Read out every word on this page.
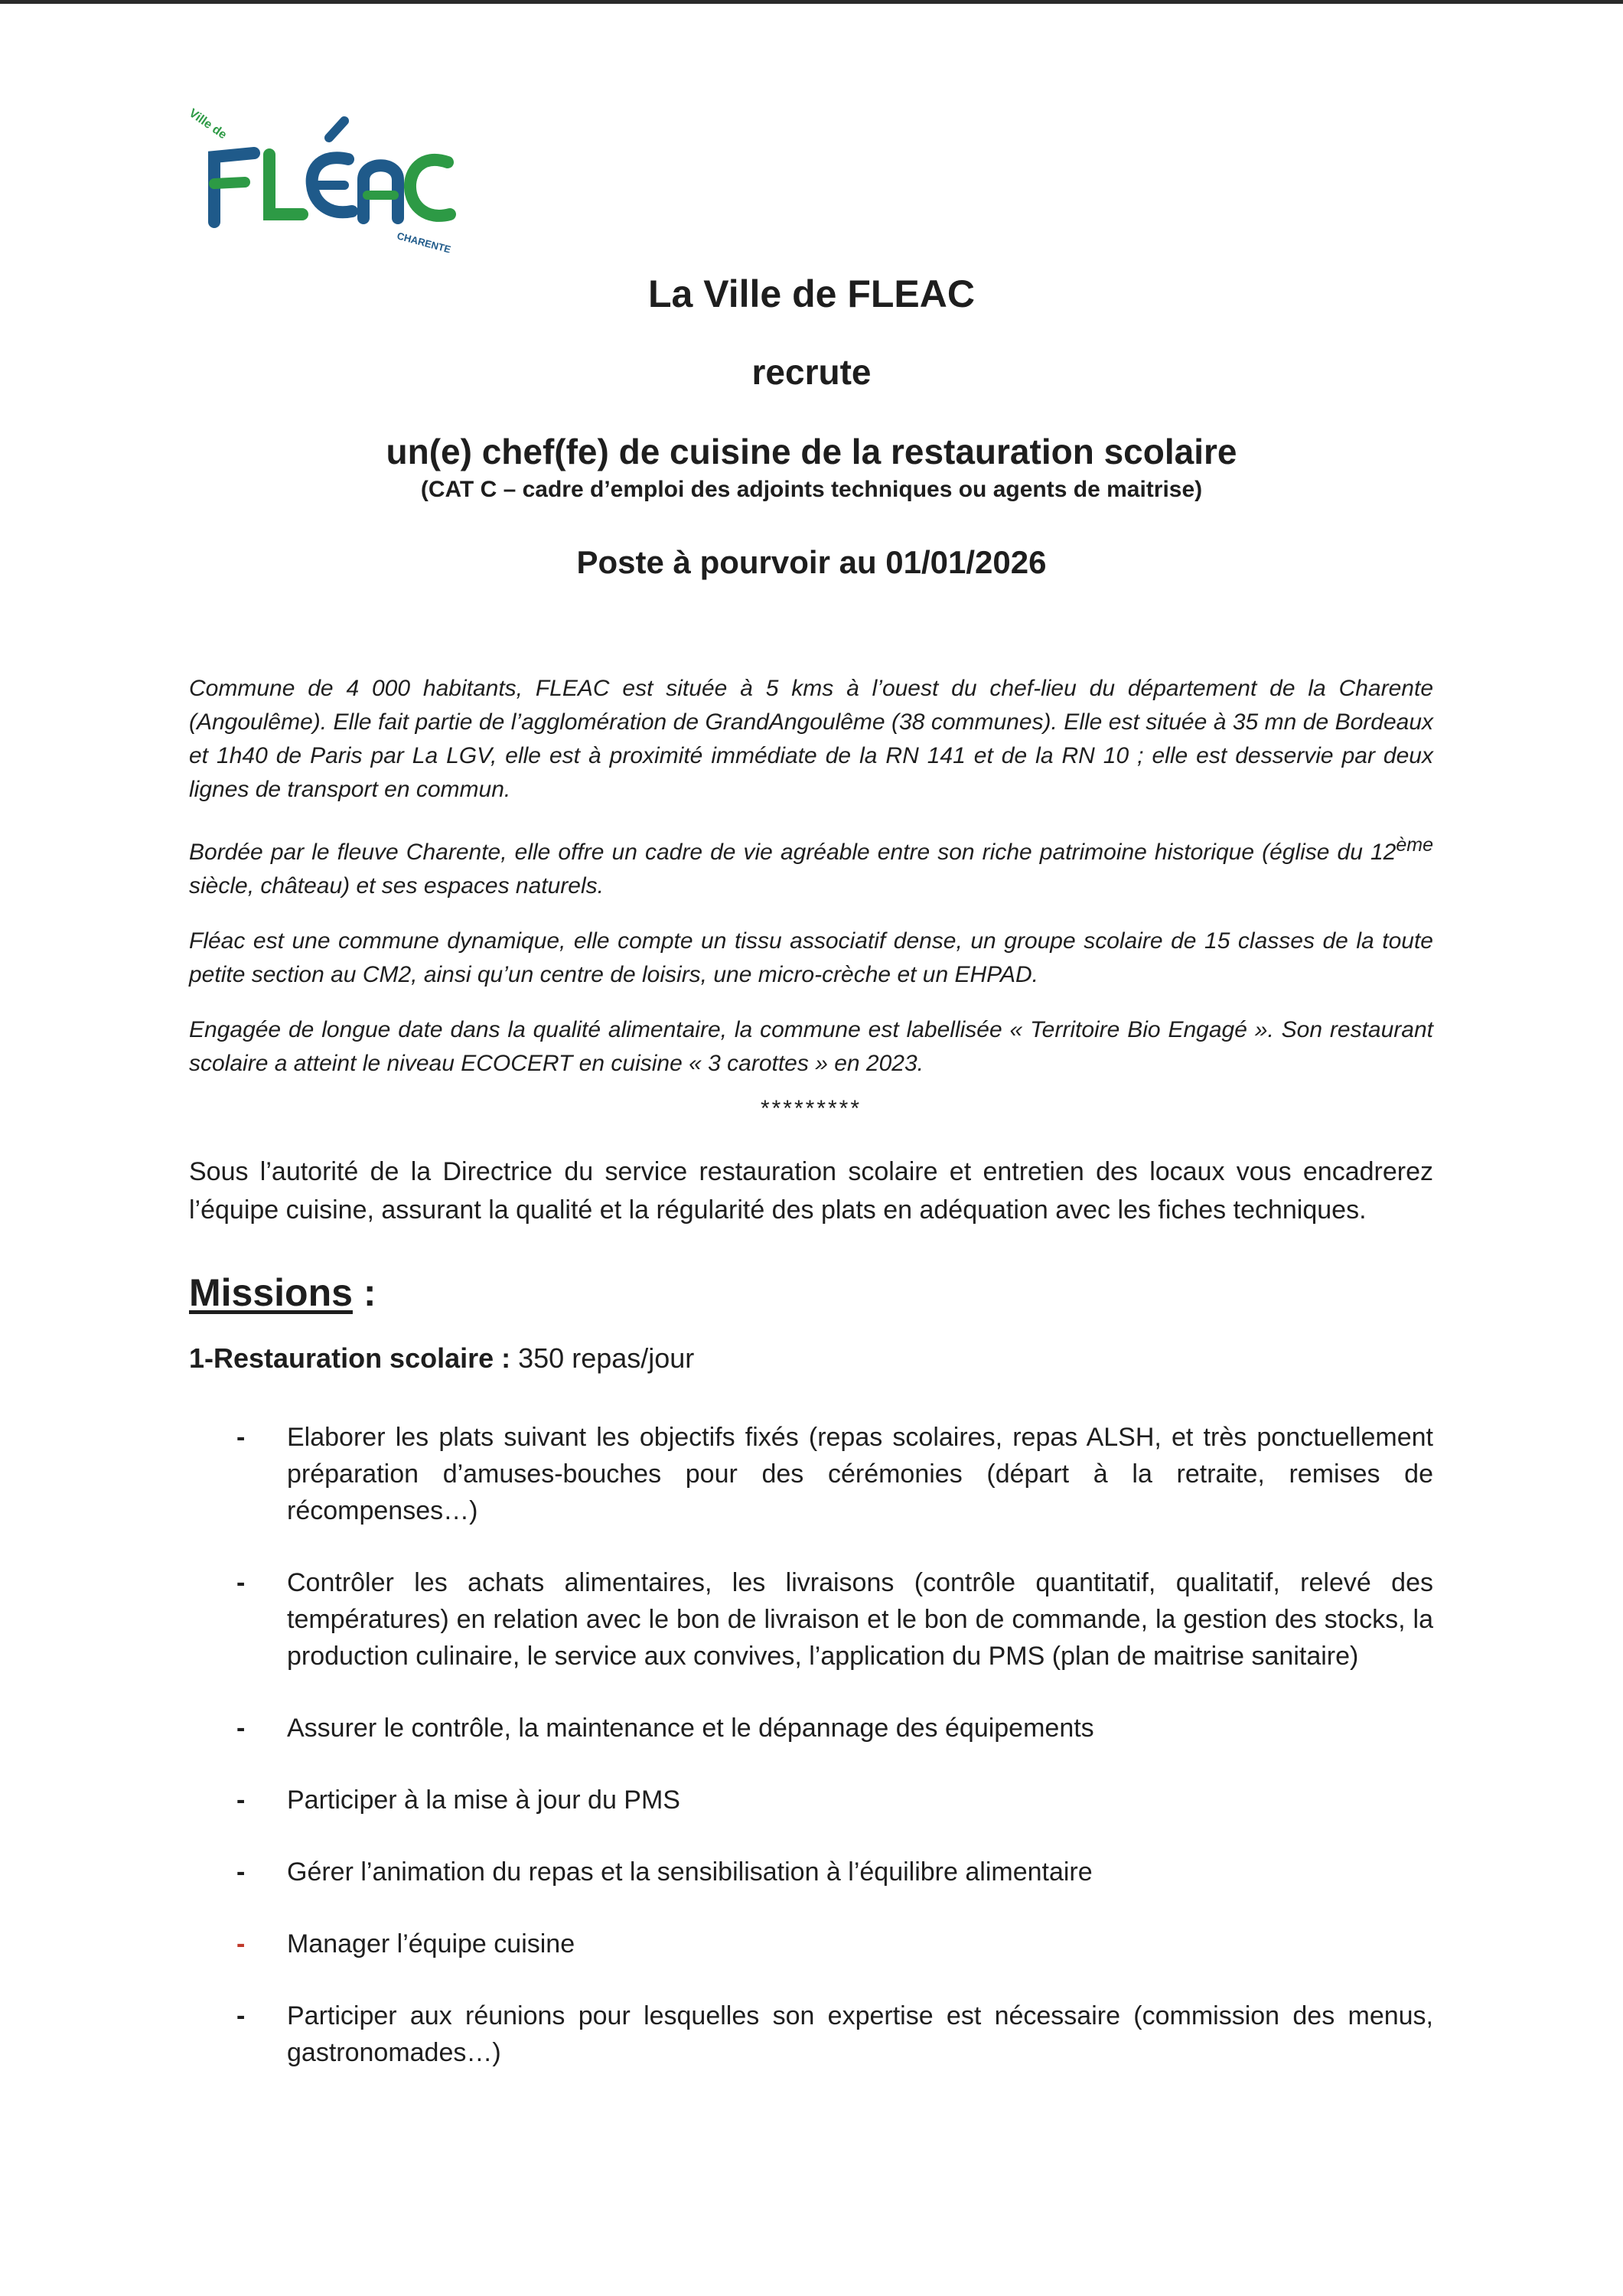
Ville de
CHARENTE
La Ville de FLEAC
recrute
un(e) chef(fe) de cuisine de la restauration scolaire
(CAT C – cadre d’emploi des adjoints techniques ou agents de maitrise)
Poste à pourvoir au 01/01/2026

Commune de 4 000 habitants, FLEAC est située à 5 kms à l’ouest du chef-lieu du département de la Charente (Angoulême). Elle fait partie de l’agglomération de GrandAngoulême (38 communes). Elle est située à 35 mn de Bordeaux et 1h40 de Paris par La LGV, elle est à proximité immédiate de la RN 141 et de la RN 10 ; elle est desservie par deux lignes de transport en commun.

Bordée par le fleuve Charente, elle offre un cadre de vie agréable entre son riche patrimoine historique (église du 12ème siècle, château) et ses espaces naturels.

Fléac est une commune dynamique, elle compte un tissu associatif dense, un groupe scolaire de 15 classes de la toute petite section au CM2, ainsi qu’un centre de loisirs, une micro-crèche et un EHPAD.

Engagée de longue date dans la qualité alimentaire, la commune est labellisée « Territoire Bio Engagé ». Son restaurant scolaire a atteint le niveau ECOCERT en cuisine « 3 carottes » en 2023.

*********

Sous l’autorité de la Directrice du service restauration scolaire et entretien des locaux vous encadrerez l’équipe cuisine, assurant la qualité et la régularité des plats en adéquation avec les fiches techniques.

Missions :
1-Restauration scolaire : 350 repas/jour
- Elaborer les plats suivant les objectifs fixés (repas scolaires, repas ALSH, et très ponctuellement préparation d’amuses-bouches pour des cérémonies (départ à la retraite, remises de récompenses…)
- Contrôler les achats alimentaires, les livraisons (contrôle quantitatif, qualitatif, relevé des températures) en relation avec le bon de livraison et le bon de commande, la gestion des stocks, la production culinaire, le service aux convives, l’application du PMS (plan de maitrise sanitaire)
- Assurer le contrôle, la maintenance et le dépannage des équipements
- Participer à la mise à jour du PMS
- Gérer l’animation du repas et la sensibilisation à l’équilibre alimentaire
- Manager l’équipe cuisine
- Participer aux réunions pour lesquelles son expertise est nécessaire (commission des menus, gastronomades…)
